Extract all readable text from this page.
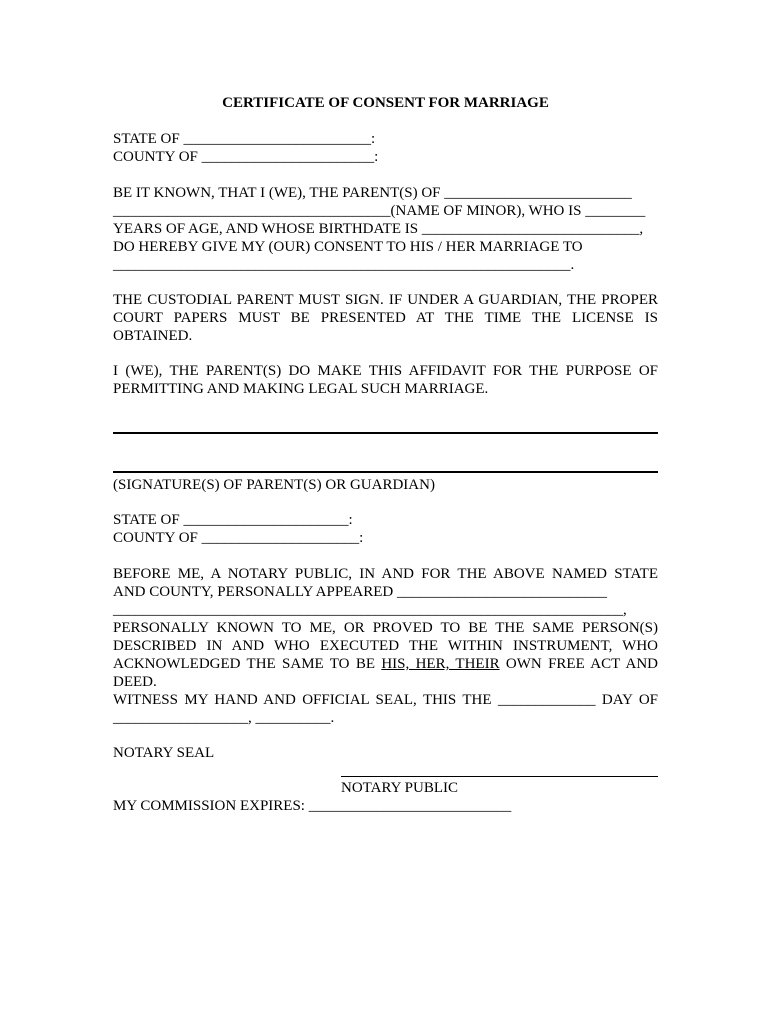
CERTIFICATE OF CONSENT FOR MARRIAGE
STATE OF _________________________:
COUNTY OF _______________________:
BE IT KNOWN, THAT I (WE), THE PARENT(S) OF _________________________
_____________________________________(NAME OF MINOR), WHO IS ________
YEARS OF AGE, AND WHOSE BIRTHDATE IS _____________________________,
DO HEREBY GIVE MY (OUR) CONSENT TO HIS / HER MARRIAGE TO
_____________________________________________________________.
THE CUSTODIAL PARENT MUST SIGN. IF UNDER A GUARDIAN, THE PROPER
COURT PAPERS MUST BE PRESENTED AT THE TIME THE LICENSE IS
OBTAINED.
I (WE), THE PARENT(S) DO MAKE THIS AFFIDAVIT FOR THE PURPOSE OF
PERMITTING AND MAKING LEGAL SUCH MARRIAGE.
(SIGNATURE(S) OF PARENT(S) OR GUARDIAN)
STATE OF ______________________:
COUNTY OF _____________________:
BEFORE ME, A NOTARY PUBLIC, IN AND FOR THE ABOVE NAMED STATE
AND COUNTY, PERSONALLY APPEARED ____________________________
____________________________________________________________________,
PERSONALLY KNOWN TO ME, OR PROVED TO BE THE SAME PERSON(S)
DESCRIBED IN AND WHO EXECUTED THE WITHIN INSTRUMENT, WHO
ACKNOWLEDGED THE SAME TO BE HIS, HER, THEIR OWN FREE ACT AND
DEED.
WITNESS MY HAND AND OFFICIAL SEAL, THIS THE _____________ DAY OF
__________________, __________.
NOTARY SEAL
NOTARY PUBLIC
MY COMMISSION EXPIRES: ___________________________
